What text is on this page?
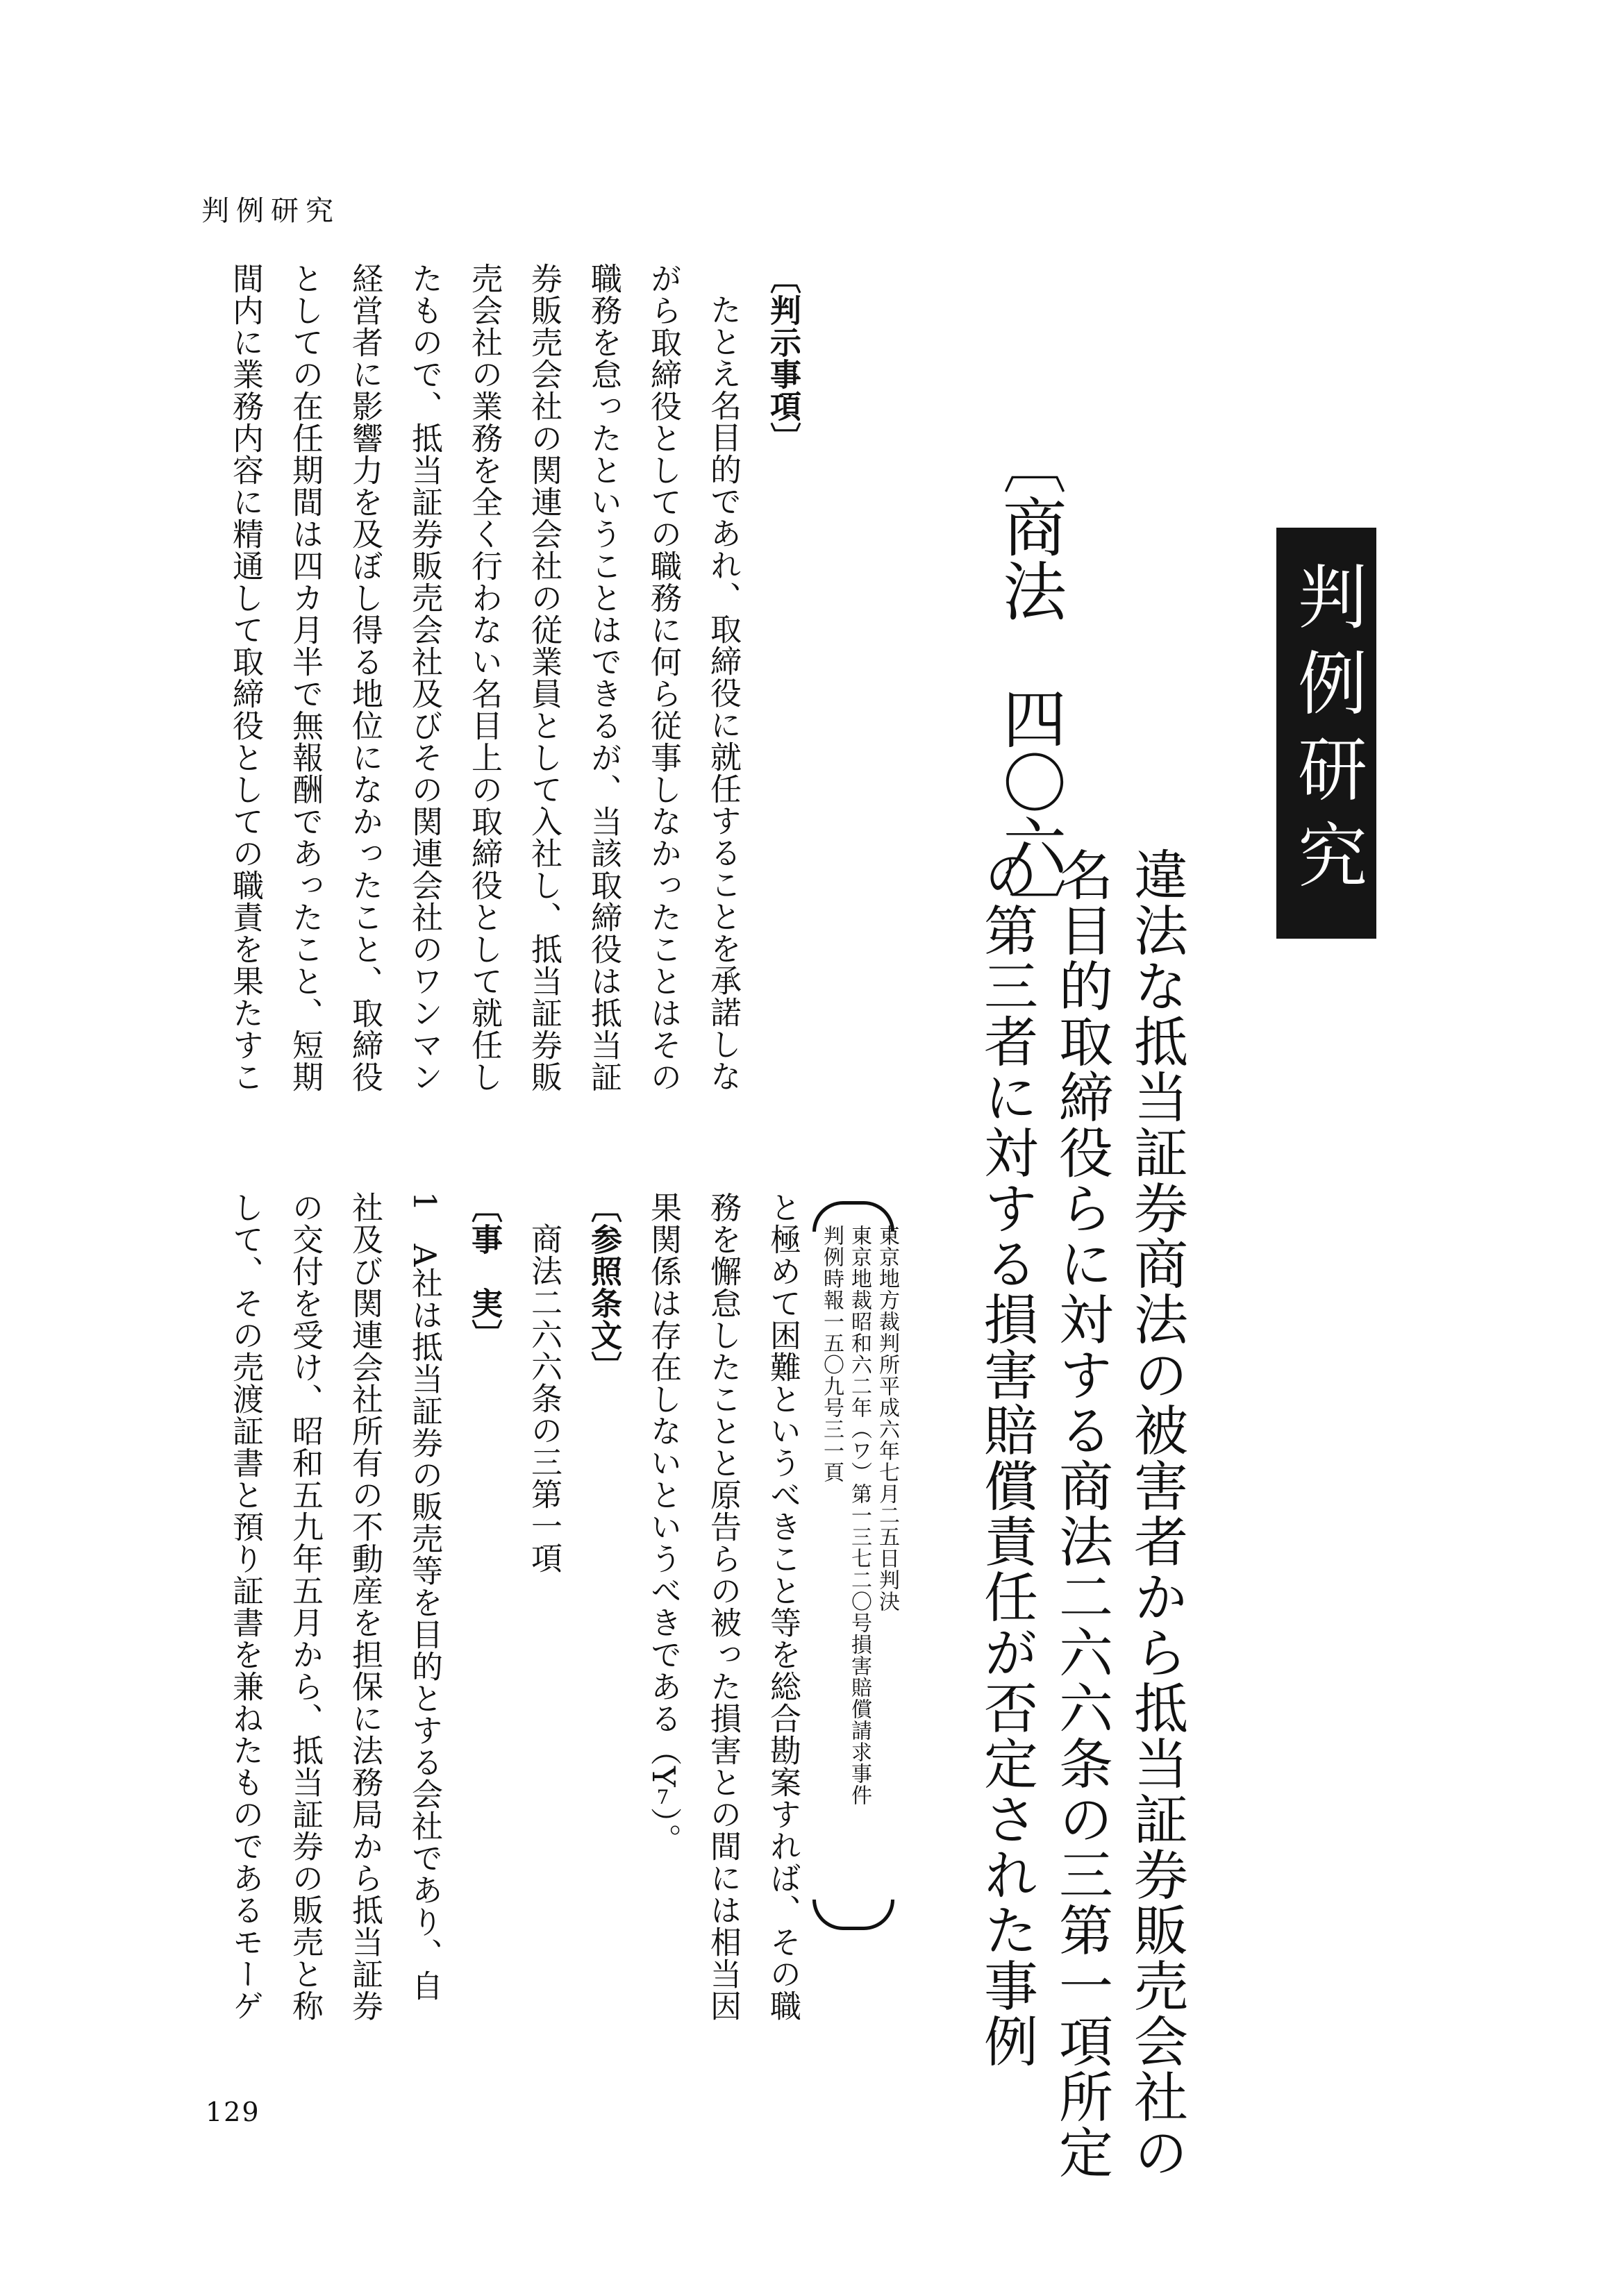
判例研究
判例研究
〔商法　四〇六〕
違法な抵当証券商法の被害者から抵当証券販売会社の
名目的取締役らに対する商法二六六条の三第一項所定
の第三者に対する損害賠償責任が否定された事例
東京地方裁判所平成六年七月二五日判決
東京地裁昭和六二年（ワ）第一三七二〇号損害賠償請求事件
判例時報一五〇九号三一頁
〔判示事項〕
たとえ名目的であれ、取締役に就任することを承諾しな
がら取締役としての職務に何ら従事しなかったことはその
職務を怠ったということはできるが、当該取締役は抵当証
券販売会社の関連会社の従業員として入社し、抵当証券販
売会社の業務を全く行わない名目上の取締役として就任し
たもので、抵当証券販売会社及びその関連会社のワンマン
経営者に影響力を及ぼし得る地位になかったこと、取締役
としての在任期間は四カ月半で無報酬であったこと、短期
間内に業務内容に精通して取締役としての職責を果たすこ
と極めて困難というべきこと等を総合勘案すれば、その職
務を懈怠したことと原告らの被った損害との間には相当因
果関係は存在しないというべきである（Y7）。
〔参照条文〕
商法二六六条の三第一項
〔事　実〕
1　A社は抵当証券の販売等を目的とする会社であり、自
社及び関連会社所有の不動産を担保に法務局から抵当証券
の交付を受け、昭和五九年五月から、抵当証券の販売と称
して、その売渡証書と預り証書を兼ねたものであるモーゲ
129
